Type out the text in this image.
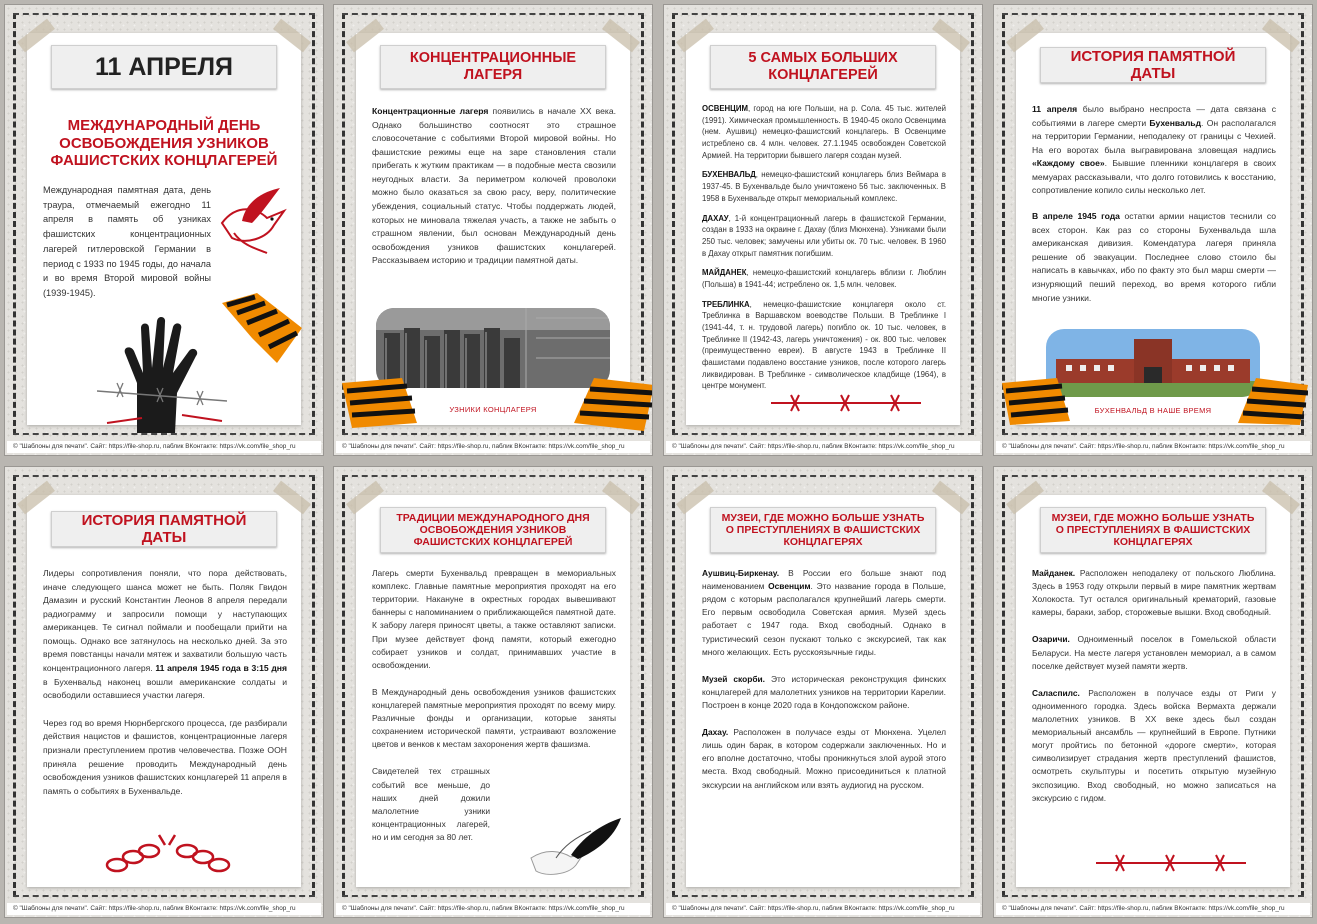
11 АПРЕЛЯ
МЕЖДУНАРОДНЫЙ ДЕНЬ ОСВОБОЖДЕНИЯ УЗНИКОВ ФАШИСТСКИХ КОНЦЛАГЕРЕЙ

Международная памятная дата, день траура, отмечаемый ежегодно 11 апреля в память об узниках фашистских концентрационных лагерей гитлеровской Германии в период с 1933 по 1945 годы, до начала и во время Второй мировой войны (1939-1945).

© "Шаблоны для печати". Сайт: https://file-shop.ru, паблик ВКонтакте: https://vk.com/file_shop_ru
КОНЦЕНТРАЦИОННЫЕ ЛАГЕРЯ

Концентрационные лагеря появились в начале XX века. Однако большинство соотносят это страшное словосочетание с событиями Второй мировой войны. Но фашистские режимы еще на заре становления стали прибегать к жутким практикам — в подобные места свозили неугодных власти. За периметром колючей проволоки можно было оказаться за свою расу, веру, политические убеждения, социальный статус. Чтобы поддержать людей, которых не миновала тяжелая участь, а также не забыть о страшном явлении, был основан Международный день освобождения узников фашистских концлагерей. Рассказываем историю и традиции памятной даты.

УЗНИКИ КОНЦЛАГЕРЯ
© "Шаблоны для печати". Сайт: https://file-shop.ru, паблик ВКонтакте: https://vk.com/file_shop_ru
5 САМЫХ БОЛЬШИХ КОНЦЛАГЕРЕЙ

ОСВЕНЦИМ, город на юге Польши, на р. Сола. 45 тыс. жителей (1991). Химическая промышленность. В 1940-45 около Освенцима (нем. Аушвиц) немецко-фашистский концлагерь. В Освенциме истреблено св. 4 млн. человек. 27.1.1945 освобожден Советской Армией. На территории бывшего лагеря создан музей.

БУХЕНВАЛЬД, немецко-фашистский концлагерь близ Веймара в 1937-45. В Бухенвальде было уничтожено 56 тыс. заключенных. В 1958 в Бухенвальде открыт мемориальный комплекс.

ДАХАУ, 1-й концентрационный лагерь в фашистской Германии, создан в 1933 на окраине г. Дахау (близ Мюнхена). Узниками были 250 тыс. человек; замучены или убиты ок. 70 тыс. человек. В 1960 в Дахау открыт памятник погибшим.

МАЙДАНЕК, немецко-фашистский концлагерь вблизи г. Люблин (Польша) в 1941-44; истреблено ок. 1,5 млн. человек.

ТРЕБЛИНКА, немецко-фашистские концлагеря около ст. Треблинка в Варшавском воеводстве Польши. В Треблинке I (1941-44, т. н. трудовой лагерь) погибло ок. 10 тыс. человек, в Треблинке II (1942-43, лагерь уничтожения) - ок. 800 тыс. человек (преимущественно евреи). В августе 1943 в Треблинке II фашистами подавлено восстание узников, после которого лагерь ликвидирован. В Треблинке - символическое кладбище (1964), в центре монумент.

© "Шаблоны для печати". Сайт: https://file-shop.ru, паблик ВКонтакте: https://vk.com/file_shop_ru
ИСТОРИЯ ПАМЯТНОЙ ДАТЫ

11 апреля было выбрано неспроста — дата связана с событиями в лагере смерти Бухенвальд. Он располагался на территории Германии, неподалеку от границы с Чехией. На его воротах была выгравирована зловещая надпись «Каждому свое». Бывшие пленники концлагеря в своих мемуарах рассказывали, что долго готовились к восстанию, сопротивление копило силы несколько лет.

В апреле 1945 года остатки армии нацистов теснили со всех сторон. Как раз со стороны Бухенвальда шла американская дивизия. Комендатура лагеря приняла решение об эвакуации. Последнее слово стоило бы написать в кавычках, ибо по факту это был марш смерти — изнуряющий пеший переход, во время которого гибли многие узники.

БУХЕНВАЛЬД В НАШЕ ВРЕМЯ
© "Шаблоны для печати". Сайт: https://file-shop.ru, паблик ВКонтакте: https://vk.com/file_shop_ru
ИСТОРИЯ ПАМЯТНОЙ ДАТЫ

Лидеры сопротивления поняли, что пора действовать, иначе следующего шанса может не быть. Поляк Гвидон Дамазин и русский Константин Леонов 8 апреля передали радиограмму и запросили помощи у наступающих американцев. Те сигнал поймали и пообещали прийти на помощь. Однако все затянулось на несколько дней. За это время повстанцы начали мятеж и захватили большую часть концентрационного лагеря. 11 апреля 1945 года в 3:15 дня в Бухенвальд наконец вошли американские солдаты и освободили оставшиеся участки лагеря.

Через год во время Нюрнбергского процесса, где разбирали действия нацистов и фашистов, концентрационные лагеря признали преступлением против человечества. Позже ООН приняла решение проводить Международный день освобождения узников фашистских концлагерей 11 апреля в память о событиях в Бухенвальде.

© "Шаблоны для печати". Сайт: https://file-shop.ru, паблик ВКонтакте: https://vk.com/file_shop_ru
ТРАДИЦИИ МЕЖДУНАРОДНОГО ДНЯ ОСВОБОЖДЕНИЯ УЗНИКОВ ФАШИСТСКИХ КОНЦЛАГЕРЕЙ

Лагерь смерти Бухенвальд превращен в мемориальных комплекс. Главные памятные мероприятия проходят на его территории. Накануне в окрестных городах вывешивают баннеры с напоминанием о приближающейся памятной дате. К забору лагеря приносят цветы, а также оставляют записки. При музее действует фонд памяти, который ежегодно собирает узников и солдат, принимавших участие в освобождении.

В Международный день освобождения узников фашистских концлагерей памятные мероприятия проходят по всему миру. Различные фонды и организации, которые заняты сохранением исторической памяти, устраивают возложение цветов и венков к местам захоронения жертв фашизма.

Свидетелей тех страшных событий все меньше, до наших дней дожили малолетние узники концентрационных лагерей, но и им сегодня за 80 лет.

© "Шаблоны для печати". Сайт: https://file-shop.ru, паблик ВКонтакте: https://vk.com/file_shop_ru
МУЗЕИ, ГДЕ МОЖНО БОЛЬШЕ УЗНАТЬ О ПРЕСТУПЛЕНИЯХ В ФАШИСТСКИХ КОНЦЛАГЕРЯХ

Аушвиц-Биркенау. В России его больше знают под наименованием Освенцим. Это название города в Польше, рядом с которым располагался крупнейший лагерь смерти. Его первым освободила Советская армия. Музей здесь работает с 1947 года. Вход свободный. Однако в туристический сезон пускают только с экскурсией, так как много желающих. Есть русскоязычные гиды.

Музей скорби. Это историческая реконструкция финских концлагерей для малолетних узников на территории Карелии. Построен в конце 2020 года в Кондопожском районе.

Дахау. Расположен в получасе езды от Мюнхена. Уцелел лишь один барак, в котором содержали заключенных. Но и его вполне достаточно, чтобы проникнуться злой аурой этого места. Вход свободный. Можно присоединиться к платной экскурсии на английском или взять аудиогид на русском.

© "Шаблоны для печати". Сайт: https://file-shop.ru, паблик ВКонтакте: https://vk.com/file_shop_ru
МУЗЕИ, ГДЕ МОЖНО БОЛЬШЕ УЗНАТЬ О ПРЕСТУПЛЕНИЯХ В ФАШИСТСКИХ КОНЦЛАГЕРЯХ

Майданек. Расположен неподалеку от польского Люблина. Здесь в 1953 году открыли первый в мире памятник жертвам Холокоста. Тут остался оригинальный крематорий, газовые камеры, бараки, забор, сторожевые вышки. Вход свободный.

Озаричи. Одноименный поселок в Гомельской области Беларуси. На месте лагеря установлен мемориал, а в самом поселке действует музей памяти жертв.

Саласпилс. Расположен в получасе езды от Риги у одноименного городка. Здесь войска Вермахта держали малолетних узников. В XX веке здесь был создан мемориальный ансамбль — крупнейший в Европе. Путники могут пройтись по бетонной «дороге смерти», которая символизирует страдания жертв преступлений фашистов, осмотреть скульптуры и посетить открытую музейную экспозицию. Вход свободный, но можно записаться на экскурсию с гидом.

© "Шаблоны для печати". Сайт: https://file-shop.ru, паблик ВКонтакте: https://vk.com/file_shop_ru
